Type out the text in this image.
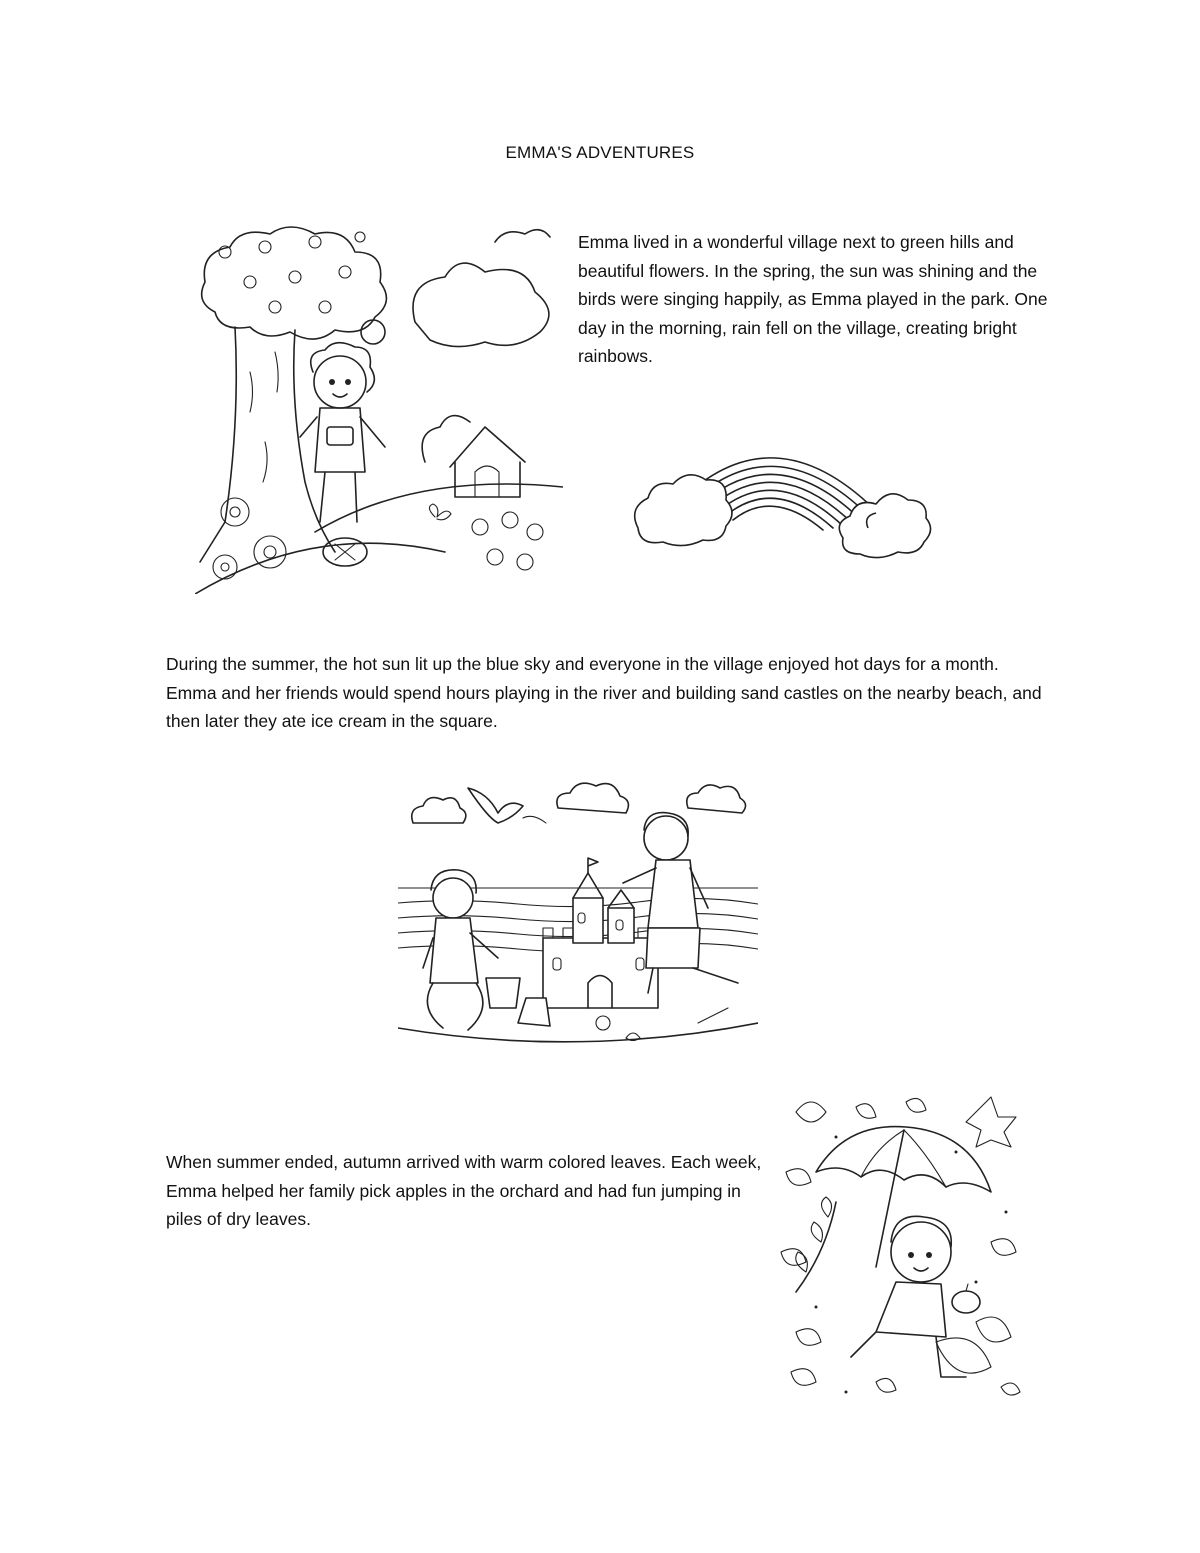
EMMA'S ADVENTURES

Emma lived in a wonderful village next to green hills and beautiful flowers. In the spring, the sun was shining and the birds were singing happily, as Emma played in the park. One day in the morning, rain fell on the village, creating bright rainbows.

During the summer, the hot sun lit up the blue sky and everyone in the village enjoyed hot days for a month. Emma and her friends would spend hours playing in the river and building sand castles on the nearby beach, and then later they ate ice cream in the square.

When summer ended, autumn arrived with warm colored leaves. Each week, Emma helped her family pick apples in the orchard and had fun jumping in piles of dry leaves.
